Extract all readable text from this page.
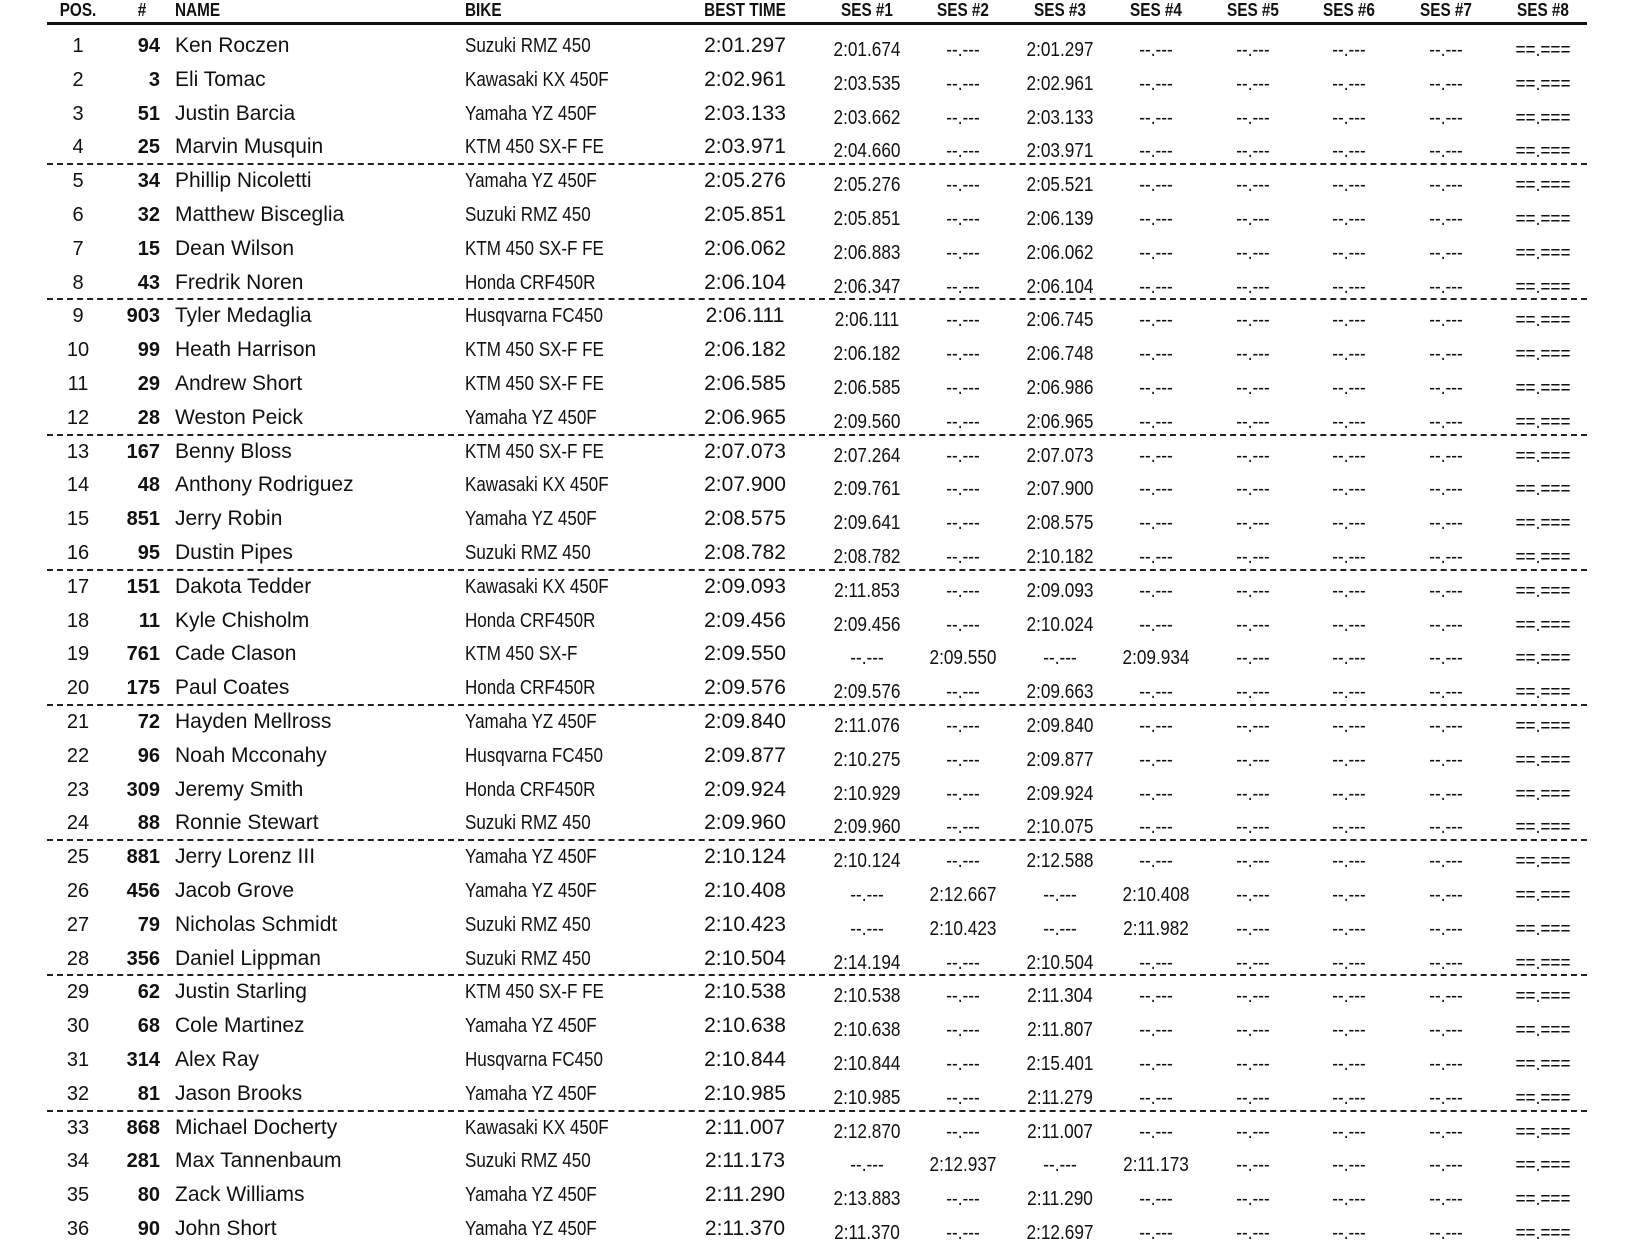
POS.	#	NAME	BIKE	BEST TIME	SES #1	SES #2	SES #3	SES #4	SES #5	SES #6	SES #7	SES #8
1	94 Ken Roczen	Suzuki RMZ 450	2:01.297	2:01.674	--.---	2:01.297	--.---	--.---	--.---	--.---	==.===
2	3 Eli Tomac	Kawasaki KX 450F	2:02.961	2:03.535	--.---	2:02.961	--.---	--.---	--.---	--.---	==.===
3	51 Justin Barcia	Yamaha YZ 450F	2:03.133	2:03.662	--.---	2:03.133	--.---	--.---	--.---	--.---	==.===
4	25 Marvin Musquin	KTM 450 SX-F FE	2:03.971	2:04.660	--.---	2:03.971	--.---	--.---	--.---	--.---	==.===
5	34 Phillip Nicoletti	Yamaha YZ 450F	2:05.276	2:05.276	--.---	2:05.521	--.---	--.---	--.---	--.---	==.===
6	32 Matthew Bisceglia	Suzuki RMZ 450	2:05.851	2:05.851	--.---	2:06.139	--.---	--.---	--.---	--.---	==.===
7	15 Dean Wilson	KTM 450 SX-F FE	2:06.062	2:06.883	--.---	2:06.062	--.---	--.---	--.---	--.---	==.===
8	43 Fredrik Noren	Honda CRF450R	2:06.104	2:06.347	--.---	2:06.104	--.---	--.---	--.---	--.---	==.===
9	903 Tyler Medaglia	Husqvarna FC450	2:06.111	2:06.111	--.---	2:06.745	--.---	--.---	--.---	--.---	==.===
10	99 Heath Harrison	KTM 450 SX-F FE	2:06.182	2:06.182	--.---	2:06.748	--.---	--.---	--.---	--.---	==.===
11	29 Andrew Short	KTM 450 SX-F FE	2:06.585	2:06.585	--.---	2:06.986	--.---	--.---	--.---	--.---	==.===
12	28 Weston Peick	Yamaha YZ 450F	2:06.965	2:09.560	--.---	2:06.965	--.---	--.---	--.---	--.---	==.===
13	167 Benny Bloss	KTM 450 SX-F FE	2:07.073	2:07.264	--.---	2:07.073	--.---	--.---	--.---	--.---	==.===
14	48 Anthony Rodriguez	Kawasaki KX 450F	2:07.900	2:09.761	--.---	2:07.900	--.---	--.---	--.---	--.---	==.===
15	851 Jerry Robin	Yamaha YZ 450F	2:08.575	2:09.641	--.---	2:08.575	--.---	--.---	--.---	--.---	==.===
16	95 Dustin Pipes	Suzuki RMZ 450	2:08.782	2:08.782	--.---	2:10.182	--.---	--.---	--.---	--.---	==.===
17	151 Dakota Tedder	Kawasaki KX 450F	2:09.093	2:11.853	--.---	2:09.093	--.---	--.---	--.---	--.---	==.===
18	11 Kyle Chisholm	Honda CRF450R	2:09.456	2:09.456	--.---	2:10.024	--.---	--.---	--.---	--.---	==.===
19	761 Cade Clason	KTM 450 SX-F	2:09.550	--.---	2:09.550	--.---	2:09.934	--.---	--.---	--.---	==.===
20	175 Paul Coates	Honda CRF450R	2:09.576	2:09.576	--.---	2:09.663	--.---	--.---	--.---	--.---	==.===
21	72 Hayden Mellross	Yamaha YZ 450F	2:09.840	2:11.076	--.---	2:09.840	--.---	--.---	--.---	--.---	==.===
22	96 Noah Mcconahy	Husqvarna FC450	2:09.877	2:10.275	--.---	2:09.877	--.---	--.---	--.---	--.---	==.===
23	309 Jeremy Smith	Honda CRF450R	2:09.924	2:10.929	--.---	2:09.924	--.---	--.---	--.---	--.---	==.===
24	88 Ronnie Stewart	Suzuki RMZ 450	2:09.960	2:09.960	--.---	2:10.075	--.---	--.---	--.---	--.---	==.===
25	881 Jerry Lorenz III	Yamaha YZ 450F	2:10.124	2:10.124	--.---	2:12.588	--.---	--.---	--.---	--.---	==.===
26	456 Jacob Grove	Yamaha YZ 450F	2:10.408	--.---	2:12.667	--.---	2:10.408	--.---	--.---	--.---	==.===
27	79 Nicholas Schmidt	Suzuki RMZ 450	2:10.423	--.---	2:10.423	--.---	2:11.982	--.---	--.---	--.---	==.===
28	356 Daniel Lippman	Suzuki RMZ 450	2:10.504	2:14.194	--.---	2:10.504	--.---	--.---	--.---	--.---	==.===
29	62 Justin Starling	KTM 450 SX-F FE	2:10.538	2:10.538	--.---	2:11.304	--.---	--.---	--.---	--.---	==.===
30	68 Cole Martinez	Yamaha YZ 450F	2:10.638	2:10.638	--.---	2:11.807	--.---	--.---	--.---	--.---	==.===
31	314 Alex Ray	Husqvarna FC450	2:10.844	2:10.844	--.---	2:15.401	--.---	--.---	--.---	--.---	==.===
32	81 Jason Brooks	Yamaha YZ 450F	2:10.985	2:10.985	--.---	2:11.279	--.---	--.---	--.---	--.---	==.===
33	868 Michael Docherty	Kawasaki KX 450F	2:11.007	2:12.870	--.---	2:11.007	--.---	--.---	--.---	--.---	==.===
34	281 Max Tannenbaum	Suzuki RMZ 450	2:11.173	--.---	2:12.937	--.---	2:11.173	--.---	--.---	--.---	==.===
35	80 Zack Williams	Yamaha YZ 450F	2:11.290	2:13.883	--.---	2:11.290	--.---	--.---	--.---	--.---	==.===
36	90 John Short	Yamaha YZ 450F	2:11.370	2:11.370	--.---	2:12.697	--.---	--.---	--.---	--.---	==.===
